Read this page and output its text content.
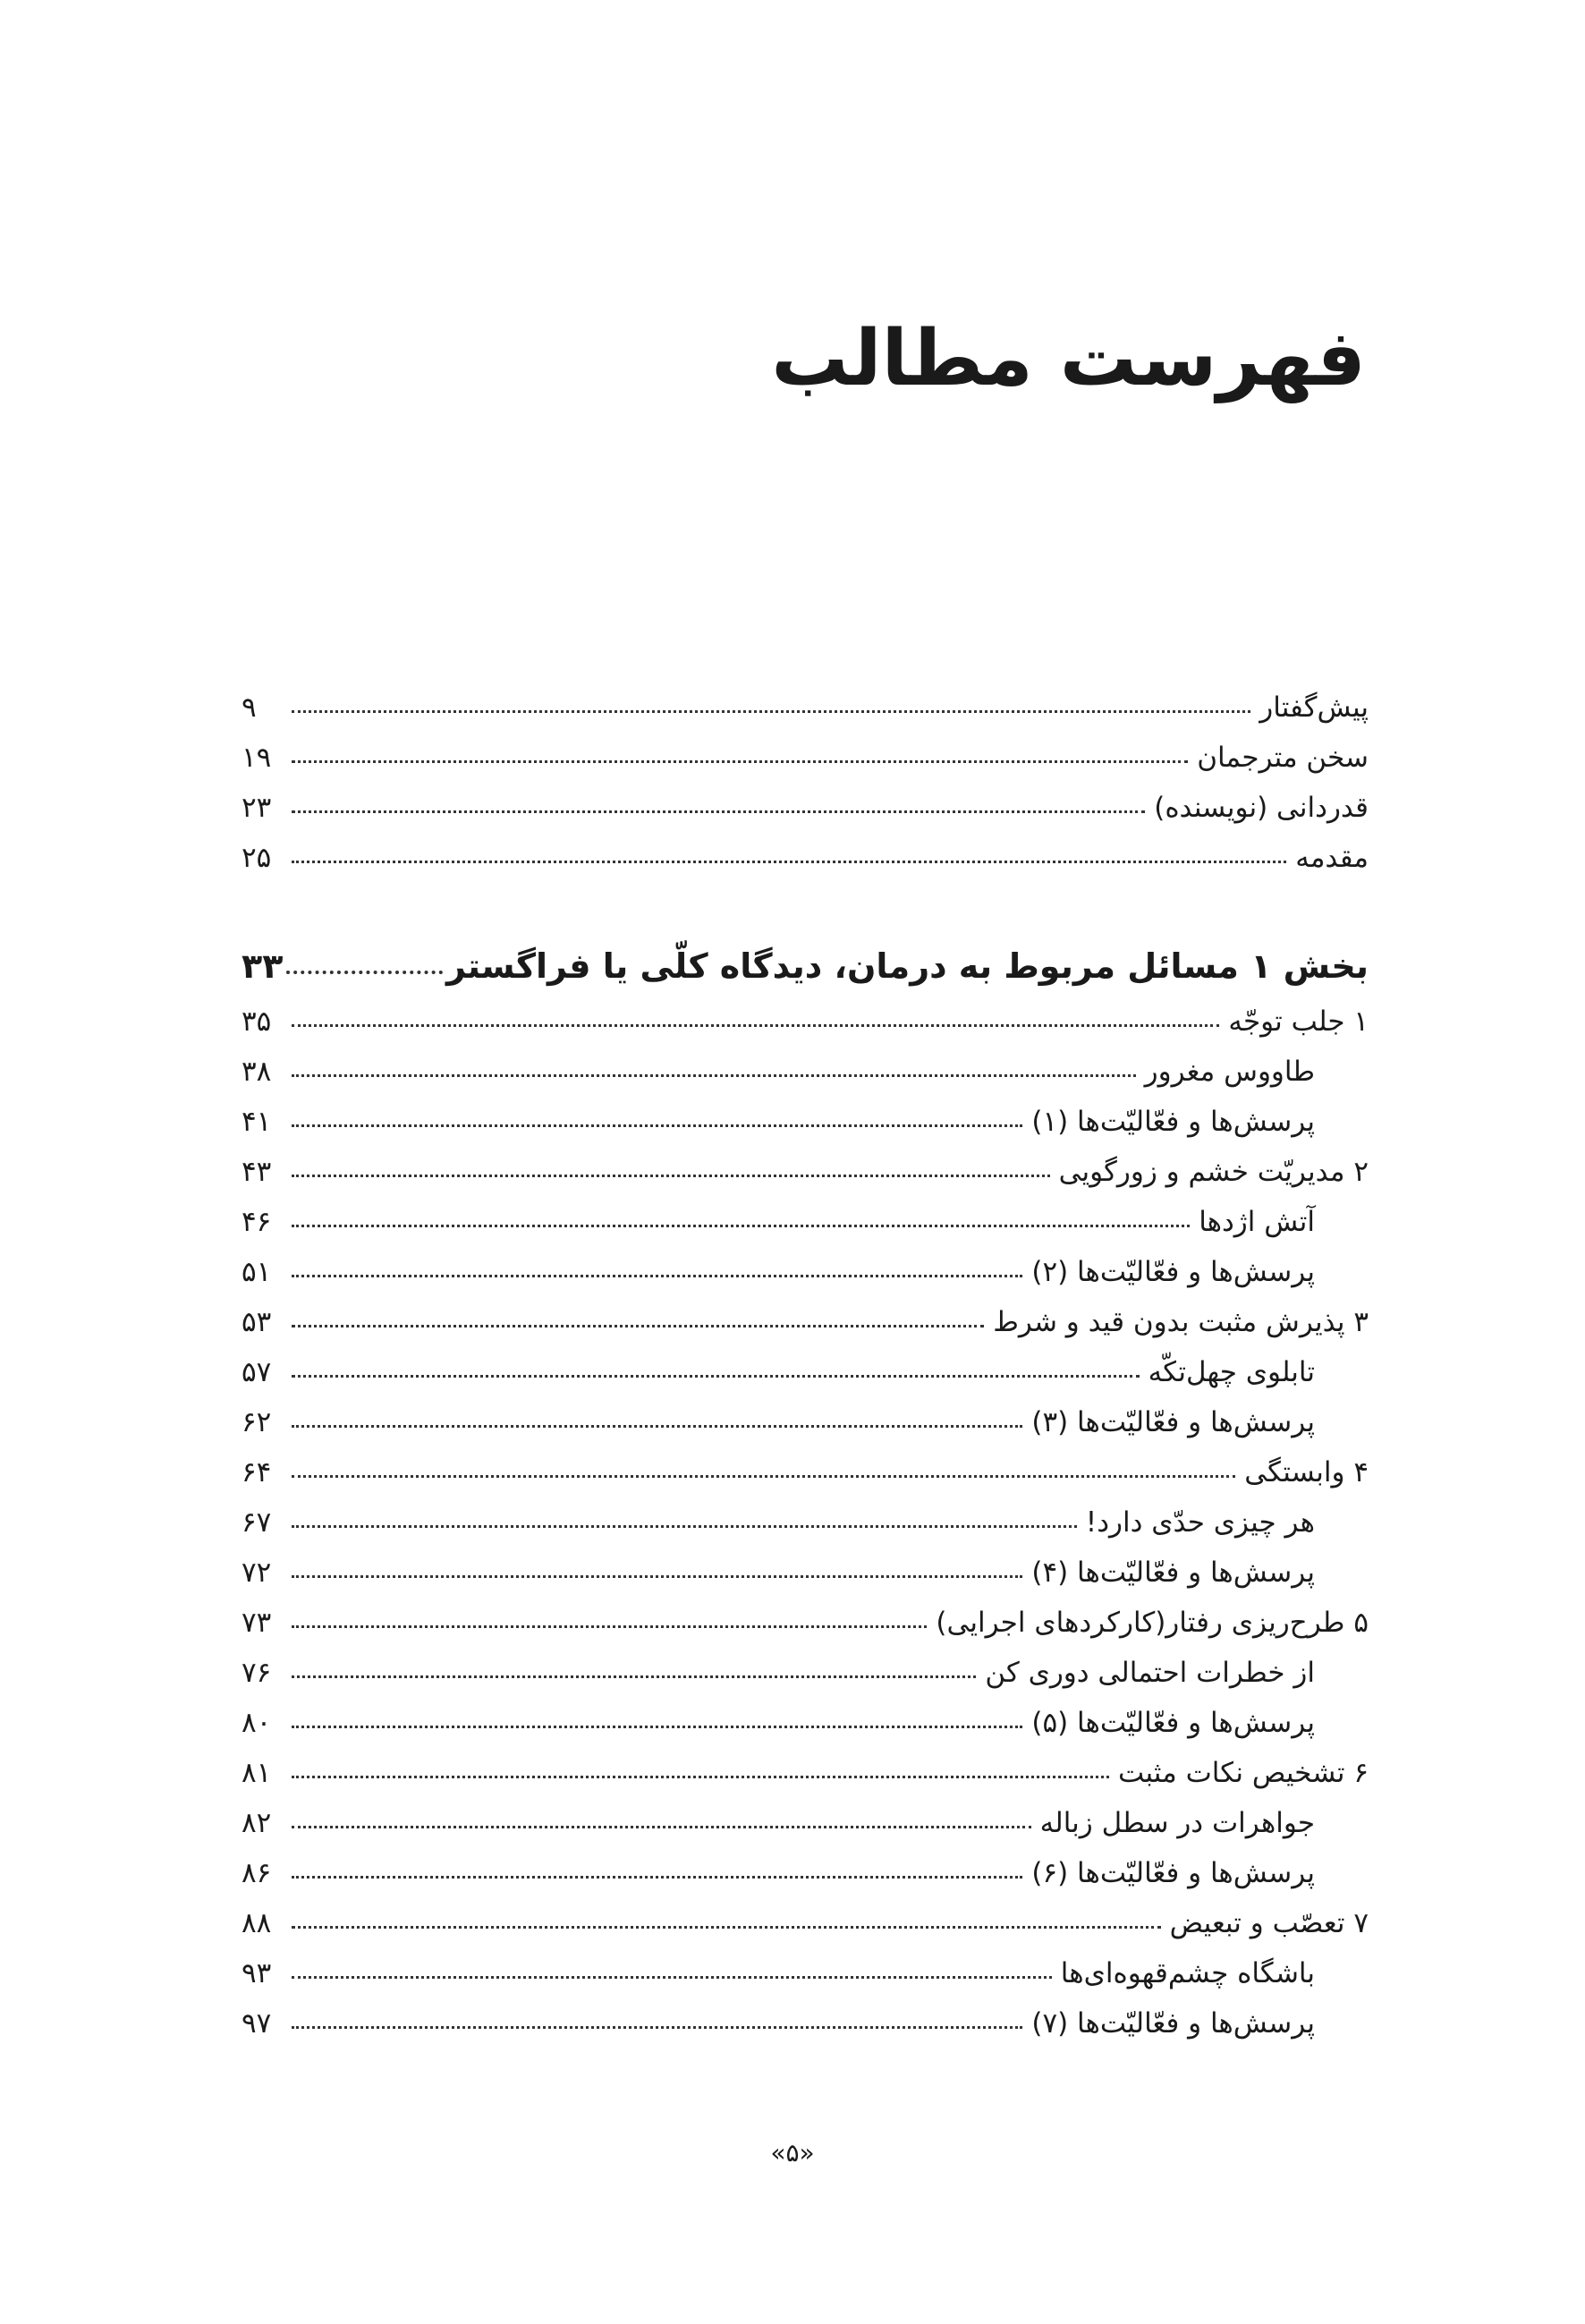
فهرست مطالب
پیش‌گفتار
۹
سخن مترجمان
۱۹
قدردانی (نویسنده)
۲۳
مقدمه
۲۵
بخش ۱ مسائل مربوط به درمان، دیدگاه کلّی یا فراگستر
۳۳
۱ جلب توجّه
۳۵
طاووس مغرور
۳۸
پرسش‌ها و فعّالیّت‌ها (۱)
۴۱
۲ مدیریّت خشم و زورگویی
۴۳
آتش اژدها
۴۶
پرسش‌ها و فعّالیّت‌ها (۲)
۵۱
۳ پذیرش مثبت بدون قید و شرط
۵۳
تابلوی چهل‌تکّه
۵۷
پرسش‌ها و فعّالیّت‌ها (۳)
۶۲
۴ وابستگی
۶۴
هر چیزی حدّی دارد!
۶۷
پرسش‌ها و فعّالیّت‌ها (۴)
۷۲
۵ طرح‌ریزی رفتار(کارکردهای اجرایی)
۷۳
از خطرات احتمالی دوری کن
۷۶
پرسش‌ها و فعّالیّت‌ها (۵)
۸۰
۶ تشخیص نکات مثبت
۸۱
جواهرات در سطل زباله
۸۲
پرسش‌ها و فعّالیّت‌ها (۶)
۸۶
۷ تعصّب و تبعیض
۸۸
باشگاه چشم‌قهوه‌ای‌ها
۹۳
پرسش‌ها و فعّالیّت‌ها (۷)
۹۷
«۵»
